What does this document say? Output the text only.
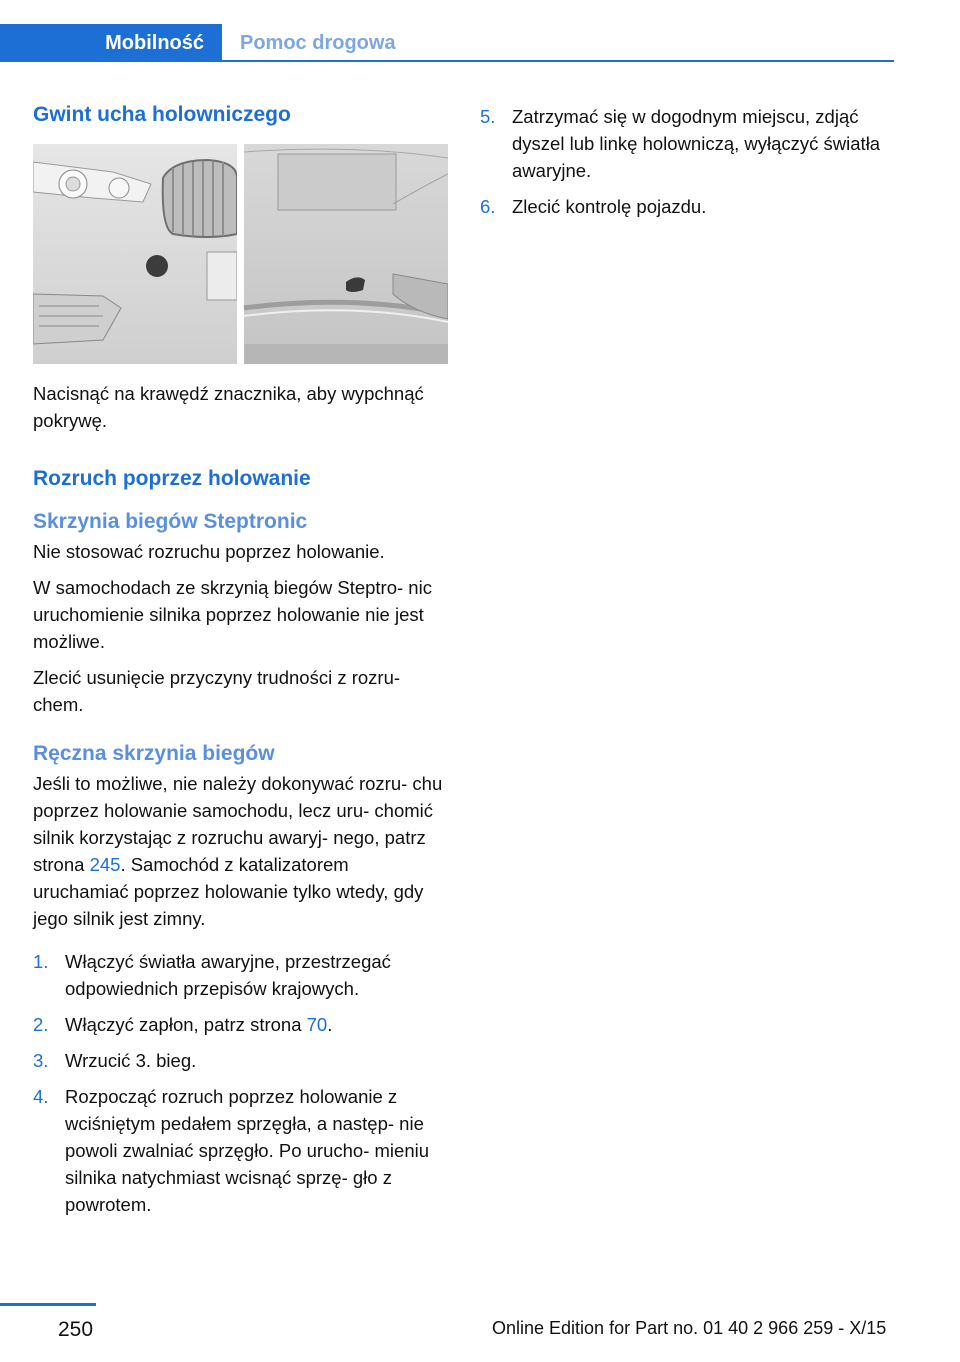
Mobilność	Pomoc drogowa
Gwint ucha holowniczego

Nacisnąć na krawędź znacznika, aby wypchnąć pokrywę.

Rozruch poprzez holowanie
Skrzynia biegów Steptronic

Nie stosować rozruchu poprzez holowanie.

W samochodach ze skrzynią biegów Steptro‐ nic uruchomienie silnika poprzez holowanie nie jest możliwe.

Zlecić usunięcie przyczyny trudności z rozru‐ chem.

Ręczna skrzynia biegów

Jeśli to możliwe, nie należy dokonywać rozru‐ chu poprzez holowanie samochodu, lecz uru‐ chomić silnik korzystając z rozruchu awaryj‐ nego, patrz strona 245. Samochód z katalizatorem uruchamiać poprzez holowanie tylko wtedy, gdy jego silnik jest zimny.

1. Włączyć światła awaryjne, przestrzegać odpowiednich przepisów krajowych.
2. Włączyć zapłon, patrz strona 70.
3. Wrzucić 3. bieg.
4. Rozpocząć rozruch poprzez holowanie z wciśniętym pedałem sprzęgła, a następ‐ nie powoli zwalniać sprzęgło. Po urucho‐ mieniu silnika natychmiast wcisnąć sprzę‐ gło z powrotem.
5. Zatrzymać się w dogodnym miejscu, zdjąć dyszel lub linkę holowniczą, wyłączyć światła awaryjne.
6. Zlecić kontrolę pojazdu.
250	Online Edition for Part no. 01 40 2 966 259 - X/15
